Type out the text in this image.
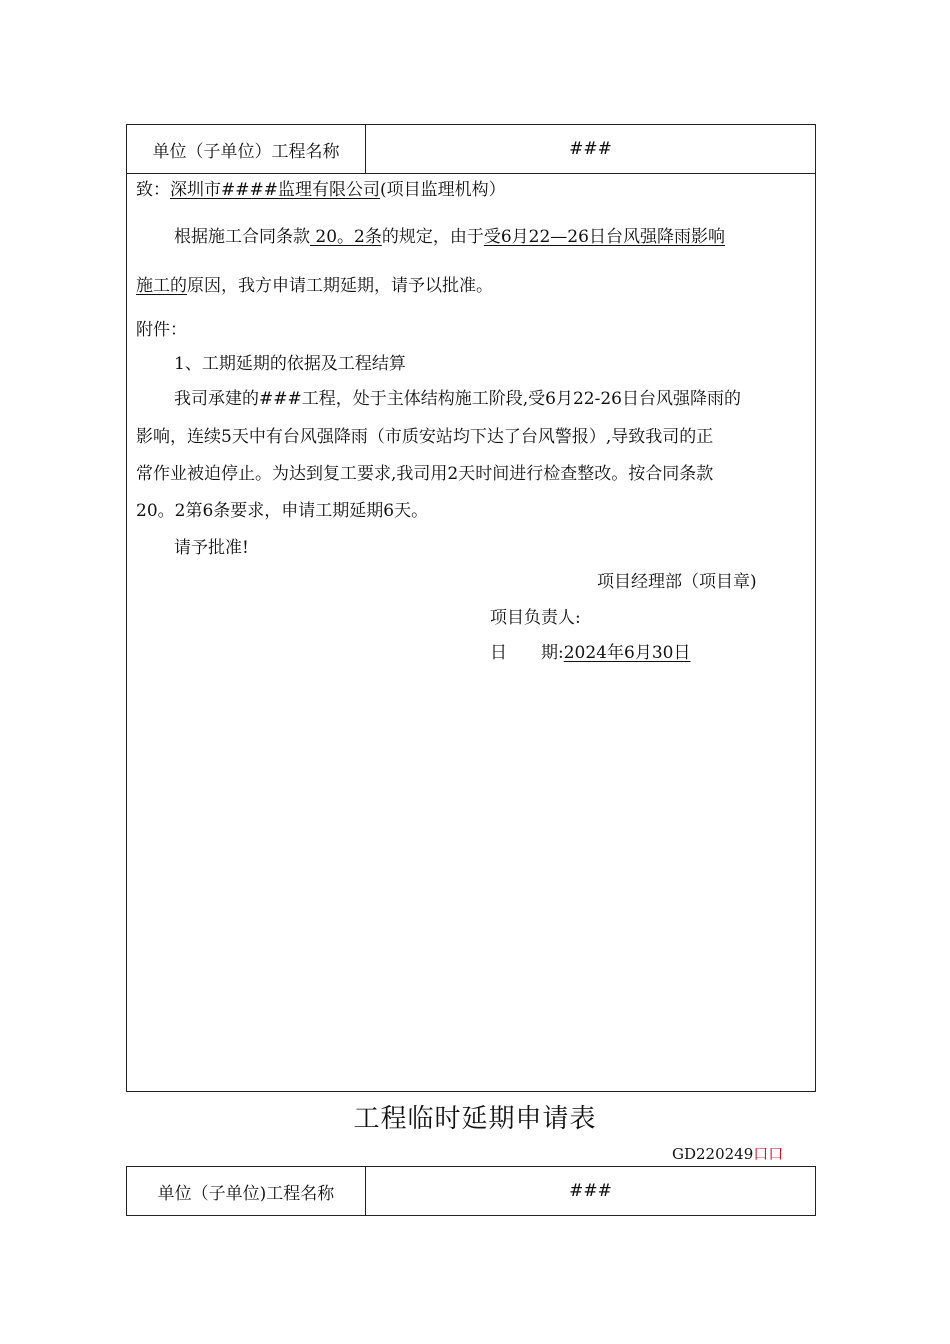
单位（子单位）工程名称	###
致：深圳市####监理有限公司(项目监理机构）
根据施工合同条款 20。2条的规定，由于受6月22—26日台风强降雨影响
施工的原因，我方申请工期延期，请予以批准。
附件：
1、工期延期的依据及工程结算
我司承建的###工程，处于主体结构施工阶段,受6月22-26日台风强降雨的
影响，连续5天中有台风强降雨（市质安站均下达了台风警报）,导致我司的正
常作业被迫停止。为达到复工要求,我司用2天时间进行检查整改。按合同条款
20。2第6条要求，申请工期延期6天。
请予批准!
项目经理部（项目章)
项目负责人:
日　　期:2024年6月30日
工程临时延期申请表
GD220249口口
单位（子单位)工程名称	###
